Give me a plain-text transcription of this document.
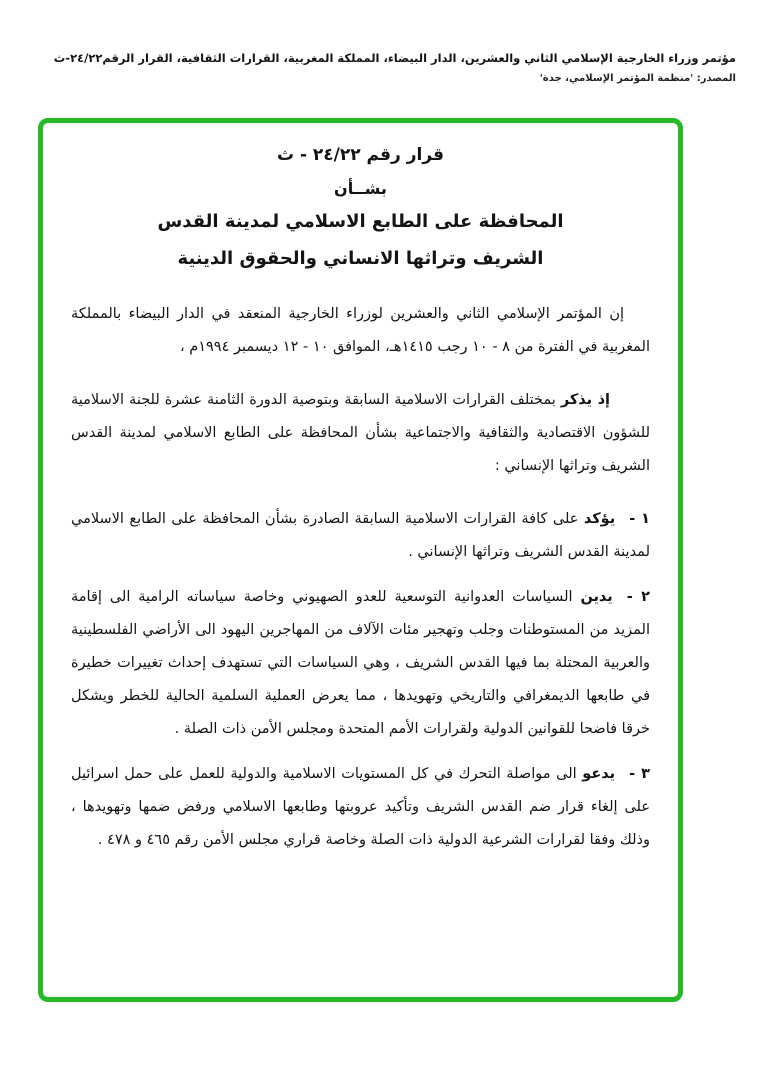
مؤتمر وزراء الخارجية الإسلامي الثاني والعشرين، الدار البيضاء، المملكة المغربية، القرارات الثقافية، القرار الرقم٢٤/٢٢-ث
المصدر: 'منظمة المؤتمر الإسلامي، جدة'
قرار رقم ٢٤/٢٢ - ث
بشــأن
المحافظة على الطابع الاسلامي لمدينة القدس
الشريف وتراثها الانساني والحقوق الدينية

إن المؤتمر الإسلامي الثاني والعشرين لوزراء الخارجية المنعقد في الدار البيضاء بالمملكة المغربية في الفترة من ٨ - ١٠ رجب ١٤١٥هـ، الموافق ١٠ - ١٢ ديسمبر ١٩٩٤م ،

إذ يذكر بمختلف القرارات الاسلامية السابقة وبتوصية الدورة الثامنة عشرة للجنة الاسلامية للشؤون الاقتصادية والثقافية والاجتماعية بشأن المحافظة على الطابع الاسلامي لمدينة القدس الشريف وتراثها الإنساني :

١ -يؤكد على كافة القرارات الاسلامية السابقة الصادرة بشأن المحافظة على الطابع الاسلامي لمدينة القدس الشريف وتراثها الإنساني .

٢ -يدين السياسات العدوانية التوسعية للعدو الصهيوني وخاصة سياساته الرامية الى إقامة المزيد من المستوطنات وجلب وتهجير مئات الآلاف من المهاجرين اليهود الى الأراضي الفلسطينية والعربية المحتلة بما فيها القدس الشريف ، وهي السياسات التي تستهدف إحداث تغييرات خطيرة في طابعها الديمغرافي والتاريخي وتهويدها ، مما يعرض العملية السلمية الحالية للخطر ويشكل خرقا فاضحا للقوانين الدولية ولقرارات الأمم المتحدة ومجلس الأمن ذات الصلة .

٣ -يدعو الى مواصلة التحرك في كل المستويات الاسلامية والدولية للعمل على حمل اسرائيل على إلغاء قرار ضم القدس الشريف وتأكيد عروبتها وطابعها الاسلامي ورفض ضمها وتهويدها ، وذلك وفقا لقرارات الشرعية الدولية ذات الصلة وخاصة قراري مجلس الأمن رقم ٤٦٥ و ٤٧٨ .
